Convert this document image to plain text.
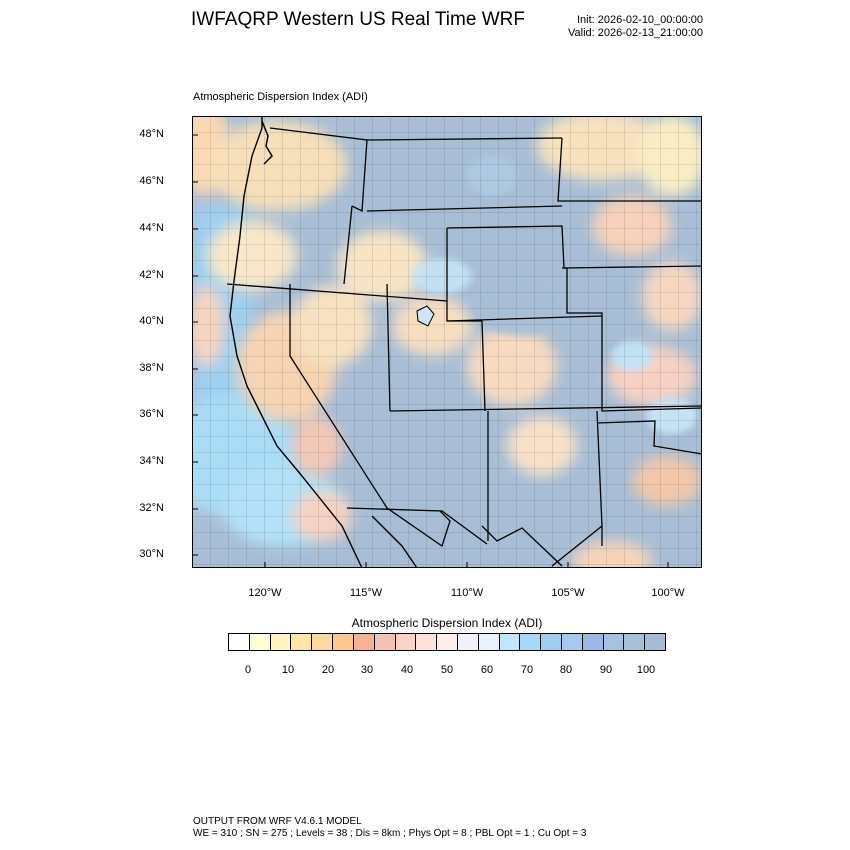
IWFAQRP Western US Real Time WRF	Init: 2026-02-10_00:00:00
Valid: 2026-02-13_21:00:00
Atmospheric Dispersion Index (ADI)
48°N
46°N
44°N
42°N
40°N
38°N
36°N
34°N
32°N
30°N
120°W	115°W	110°W	105°W	100°W
Atmospheric Dispersion Index (ADI)
0	10	20 30	40	50	60	70 80	90 100
OUTPUT FROM WRF V4.6.1 MODEL
WE = 310 ; SN = 275 ; Levels = 38 ; Dis = 8km ; Phys Opt = 8 ; PBL Opt = 1 ; Cu Opt = 3
